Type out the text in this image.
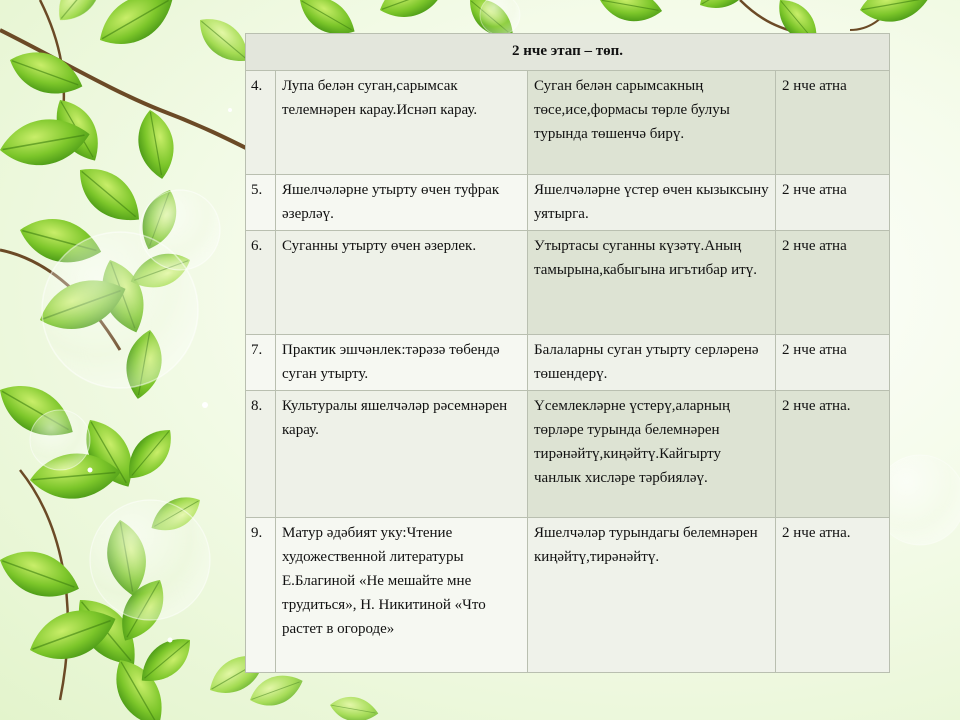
2 нче этап – төп.			
4.	Лупа белән суган,сарымсак телемнәрен карау.Иснәп карау.	Суган белән сарымсакның төсе,исе,формасы төрле булуы турында төшенчә бирү.	2 нче атна
5.	Яшелчәләрне утырту өчен туфрак әзерләү.	Яшелчәләрне үстер өчен кызыксыну уятырга.	2 нче атна
6.	Суганны утырту өчен әзерлек.	Утыртасы суганны күзәтү.Аның тамырына,кабыгына игътибар итү.	2 нче атна
7.	Практик эшчәнлек:тәрәзә төбендә суган утырту.	Балаларны суган утырту серләренә төшендерү.	2 нче атна
8.	Культуралы яшелчәләр рәсемнәрен карау.	Үсемлекләрне үстерү,аларның төрләре турында белемнәрен тирәнәйтү,киңәйтү.Кайгырту чанлык хисләре тәрбияләү.	2 нче атна.
9.	Матур әдәбият уку:Чтение художественной литературы Е.Благиной «Не мешайте мне трудиться», Н. Никитиной «Что растет в огороде»	Яшелчәләр турындагы белемнәрен киңәйтү,тирәнәйтү.	2 нче атна.
